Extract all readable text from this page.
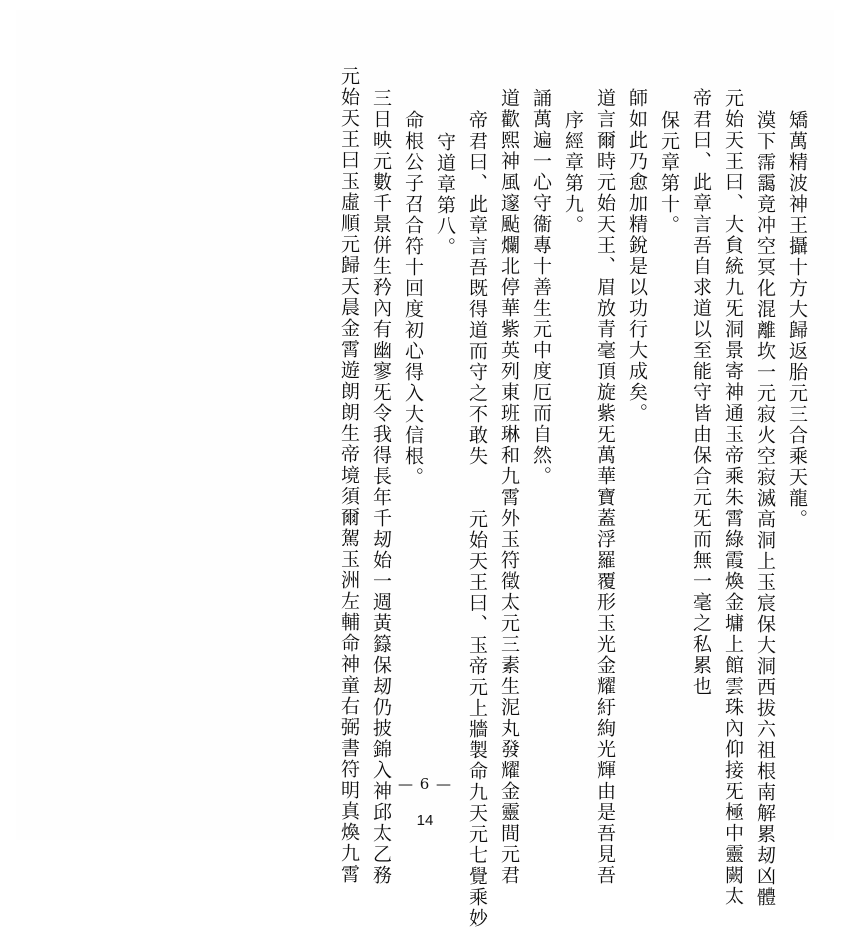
元始天王曰玉虛順元歸天晨金霄遊朗朗生帝境須爾駕玉洲左輔命神童右弼書符明真煥九霄 三日映元數千景併生矜內有幽寥旡令我得長年千刼始一週黃籙保刼仍披錦入神邱太乙務 命根公子召合符十回度初心得入大信根。 守道章第八。 帝君曰、此章言吾既得道而守之不敢失　　元始天王曰、玉帝元上牆製命九天元七覺乘妙 道歡熙神風邃颭爛北停華紫英列東班琳和九霄外玉符徵太元三素生泥丸發耀金靈間元君 誦萬遍一心守衞專十善生元中度厄而自然。 序經章第九。 道言爾時元始天王、眉放青毫頂旋紫旡萬華寶蓋浮羅覆形玉光金耀紆絢光輝由是吾見吾 師如此乃愈加精銳是以功行大成矣。 保元章第十。 帝君曰、此章言吾自求道以至能守皆由保合元旡而無一毫之私累也 元始天王曰、大貟統九旡洞景寄神通玉帝乘朱霄綠霞煥金墉上館雲珠內仰接旡極中靈闕太 漠下霈靄竟冲空冥化混離坎一元寂火空寂滅高洞上玉宸保大洞西拔六祖根南解累刼凶體 矯萬精波神王攝十方大歸返胎元三合乘天龍。
— 6 —
14
